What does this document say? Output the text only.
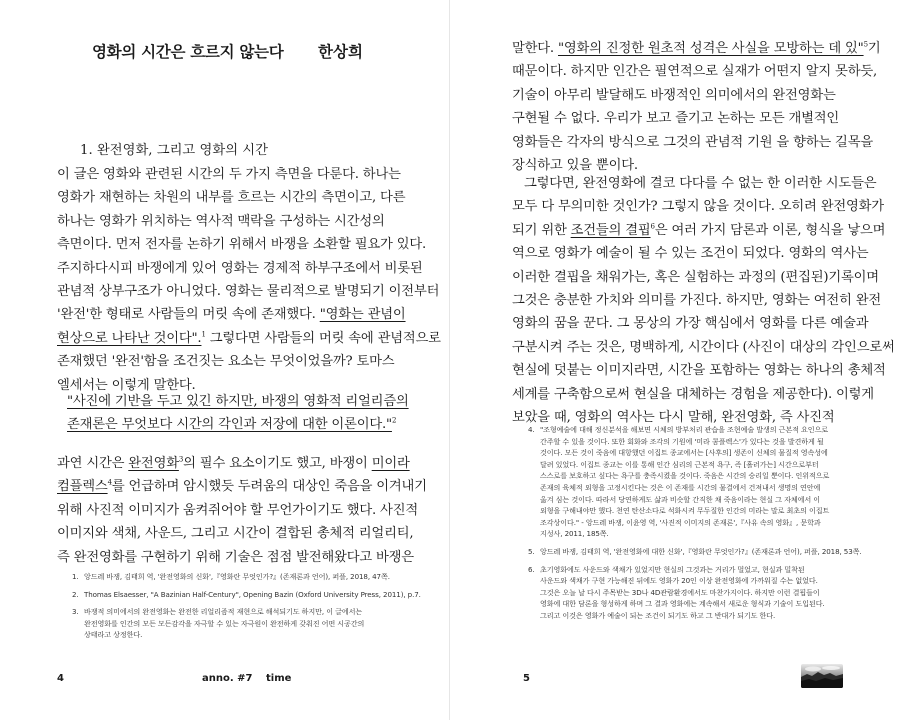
영화의 시간은 흐르지 않는다 한상희
1. 완전영화, 그리고 영화의 시간
이 글은 영화와 관련된 시간의 두 가지 측면을 다룬다. 하나는
영화가 재현하는 차원의 내부를 흐르는 시간의 측면이고, 다른
하나는 영화가 위치하는 역사적 맥락을 구성하는 시간성의
측면이다. 먼저 전자를 논하기 위해서 바쟁을 소환할 필요가 있다.
주지하다시피 바쟁에게 있어 영화는 경제적 하부구조에서 비롯된
관념적 상부구조가 아니었다. 영화는 물리적으로 발명되기 이전부터
'완전'한 형태로 사람들의 머릿 속에 존재했다. "영화는 관념이
현상으로 나타난 것이다".$^1$ 그렇다면 사람들의 머릿 속에 관념적으로
존재했던 '완전'함을 조건짓는 요소는 무엇이었을까? 토마스
엘세서는 이렇게 말한다.
"사진에 기반을 두고 있긴 하지만, 바쟁의 영화적 리얼리즘의
존재론은 무엇보다 시간의 각인과 저장에 대한 이론이다."$^2$
과연 시간은 완전영화$^3$의 필수 요소이기도 했고, 바쟁이 미이라
컴플렉스$^4$를 언급하며 암시했듯 두려움의 대상인 죽음을 이겨내기
위해 사진적 이미지가 움켜쥐어야 할 무언가이기도 했다. 사진적
이미지와 색채, 사운드, 그리고 시간이 결합된 총체적 리얼리티,
즉 완전영화를 구현하기 위해 기술은 점점 발전해왔다고 바쟁은
1. 앙드레 바쟁, 김태희 역, '완전영화의 신화',『영화란 무엇인가?』(존재론과 언어), 퍼플, 2018, 47쪽.
2. Thomas Elsaesser, "A Bazinian Half-Century", Opening Bazin (Oxford University Press, 2011), p.7.
3. 바쟁적 의미에서의 완전영화는 완전한 리얼리즘적 재현으로 해석되기도 하지만, 이 글에서는
완전영화를 인간의 모든 모든감각을 자극할 수 있는 자극원이 완전하게 갖춰진 어떤 시공간의
상태라고 상정한다.
4	anno. #7 time
말한다. "영화의 진정한 원초적 성격은 사실을 모방하는 데 있"$^5$기
때문이다. 하지만 인간은 필연적으로 실재가 어떤지 알지 못하듯,
기술이 아무리 발달해도 바쟁적인 의미에서의 완전영화는
구현될 수 없다. 우리가 보고 즐기고 논하는 모든 개별적인
영화들은 각자의 방식으로 그것의 관념적 기원 을 향하는 길목을
장식하고 있을 뿐이다.
그렇다면, 완전영화에 결코 다다를 수 없는 한 이러한 시도들은
모두 다 무의미한 것인가? 그렇지 않을 것이다. 오히려 완전영화가
되기 위한 조건들의 결핍$^6$은 여러 가지 담론과 이론, 형식을 낳으며
역으로 영화가 예술이 될 수 있는 조건이 되었다. 영화의 역사는
이러한 결핍을 채워가는, 혹은 실험하는 과정의 (편집된)기록이며
그것은 충분한 가치와 의미를 가진다. 하지만, 영화는 여전히 완전
영화의 꿈을 꾼다. 그 몽상의 가장 핵심에서 영화를 다른 예술과
구분시켜 주는 것은, 명백하게, 시간이다 (사진이 대상의 각인으로써
현실에 덧붙는 이미지라면, 시간을 포함하는 영화는 하나의 총체적
세계를 구축함으로써 현실을 대체하는 경험을 제공한다). 이렇게
보았을 때, 영화의 역사는 다시 말해, 완전영화, 즉 사진적
4. "조형예술에 대해 정신분석을 해보면 시체의 방부처리 관습을 조현예술 발생의 근본적 요인으로
간주할 수 있을 것이다. 또한 회화와 조각의 기원에 '미라 콤플렉스'가 있다는 것을 발견하게 될
것이다. 모든 것이 죽음에 대항했던 이집트 종교에서는 [사후의] 생존이 신체의 물질적 영속성에
달려 있었다. 이집트 종교는 이를 통해 인간 심리의 근본적 욕구, 즉 [흘러가는] 시간으로부터
스스로를 보호하고 싶다는 욕구를 충족시켰을 것이다. 죽음은 시간의 승리일 뿐이다. 인위적으로
존재의 육체적 외형을 고정시킨다는 것은 이 존재를 시간의 물결에서 건져내서 생명의 연안에
옮겨 심는 것이다. 따라서 당연하게도 삶과 비슷할 간직한 채 죽음이라는 현실 그 자체에서 이
외형을 구해내야만 했다. 천연 탄산소다로 석화시켜 무두질한 인간의 미라는 말로 최초의 이집트
조각상이다." - 앙드레 바쟁, 이윤영 역, '사진적 이미지의 존재론',『사유 속의 영화』, 문학과
지성사, 2011, 185쪽.
5. 앙드레 바쟁, 김태희 역, '완전영화에 대한 신화',『영화란 무엇인가?』(존재론과 언어), 퍼플, 2018, 53쪽.
6. 초기영화에도 사운드와 색채가 있었지만 현실의 그것과는 거리가 멀었고, 현실과 밀착된
사운드와 색채가 구현 가능해진 뒤에도 영화가 20인 이상 완전영화에 가까워질 수는 없었다.
그것은 오늘 날 다시 주목받는 3D나 4D관람환경에서도 마찬가지이다. 하지만 이런 결핍들이
영화에 대한 담론을 형성하게 하며 그 결과 영화에는 계속해서 새로운 형식과 기술이 도입된다.
그리고 이것은 영화가 예술이 되는 조건이 되기도 하고 그 반대가 되기도 한다.
5
